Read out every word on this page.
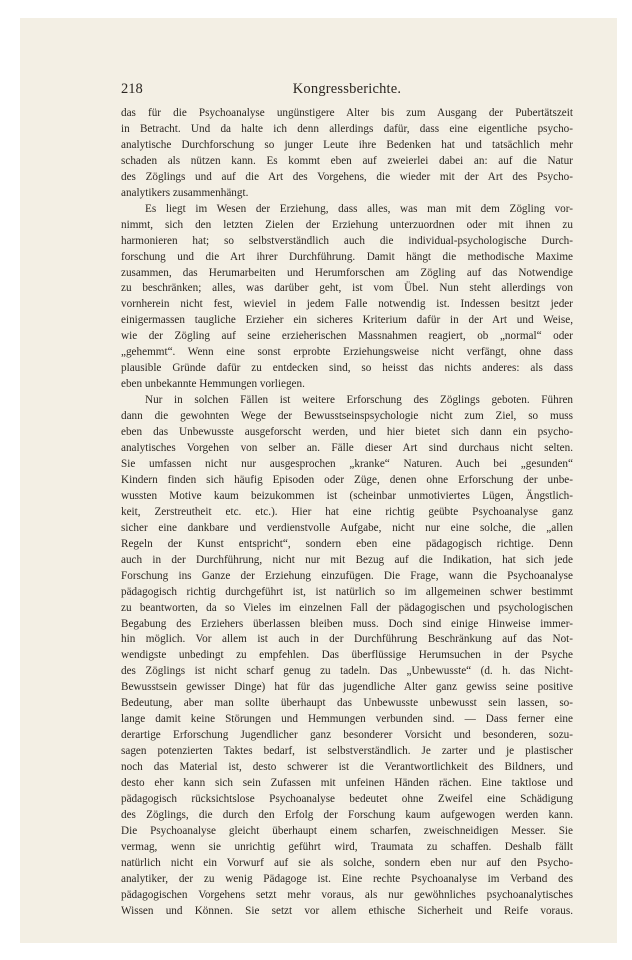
218	Kongressberichte.

das für die Psychoanalyse ungünstigere Alter bis zum Ausgang der Pubertätszeit

in Betracht. Und da halte ich denn allerdings dafür, dass eine eigentliche psycho-

analytische Durchforschung so junger Leute ihre Bedenken hat und tatsächlich mehr

schaden als nützen kann. Es kommt eben auf zweierlei dabei an: auf die Natur

des Zöglings und auf die Art des Vorgehens, die wieder mit der Art des Psycho-

analytikers zusammenhängt.

Es liegt im Wesen der Erziehung, dass alles, was man mit dem Zögling vor-

nimmt, sich den letzten Zielen der Erziehung unterzuordnen oder mit ihnen zu

harmonieren hat; so selbstverständlich auch die individual-psychologische Durch-

forschung und die Art ihrer Durchführung. Damit hängt die methodische Maxime

zusammen, das Herumarbeiten und Herumforschen am Zögling auf das Notwendige

zu beschränken; alles, was darüber geht, ist vom Übel. Nun steht allerdings von

vornherein nicht fest, wieviel in jedem Falle notwendig ist. Indessen besitzt jeder

einigermassen taugliche Erzieher ein sicheres Kriterium dafür in der Art und Weise,

wie der Zögling auf seine erzieherischen Massnahmen reagiert, ob „normal“ oder

„gehemmt“. Wenn eine sonst erprobte Erziehungsweise nicht verfängt, ohne dass

plausible Gründe dafür zu entdecken sind, so heisst das nichts anderes: als dass

eben unbekannte Hemmungen vorliegen.

Nur in solchen Fällen ist weitere Erforschung des Zöglings geboten. Führen

dann die gewohnten Wege der Bewusstseinspsychologie nicht zum Ziel, so muss

eben das Unbewusste ausgeforscht werden, und hier bietet sich dann ein psycho-

analytisches Vorgehen von selber an. Fälle dieser Art sind durchaus nicht selten.

Sie umfassen nicht nur ausgesprochen „kranke“ Naturen. Auch bei „gesunden“

Kindern finden sich häufig Episoden oder Züge, denen ohne Erforschung der unbe-

wussten Motive kaum beizukommen ist (scheinbar unmotiviertes Lügen, Ängstlich-

keit, Zerstreutheit etc. etc.). Hier hat eine richtig geübte Psychoanalyse ganz

sicher eine dankbare und verdienstvolle Aufgabe, nicht nur eine solche, die „allen

Regeln der Kunst entspricht“, sondern eben eine pädagogisch richtige. Denn

auch in der Durchführung, nicht nur mit Bezug auf die Indikation, hat sich jede

Forschung ins Ganze der Erziehung einzufügen. Die Frage, wann die Psychoanalyse

pädagogisch richtig durchgeführt ist, ist natürlich so im allgemeinen schwer bestimmt

zu beantworten, da so Vieles im einzelnen Fall der pädagogischen und psychologischen

Begabung des Erziehers überlassen bleiben muss. Doch sind einige Hinweise immer-

hin möglich. Vor allem ist auch in der Durchführung Beschränkung auf das Not-

wendigste unbedingt zu empfehlen. Das überflüssige Herumsuchen in der Psyche

des Zöglings ist nicht scharf genug zu tadeln. Das „Unbewusste“ (d. h. das Nicht-

Bewusstsein gewisser Dinge) hat für das jugendliche Alter ganz gewiss seine positive

Bedeutung, aber man sollte überhaupt das Unbewusste unbewusst sein lassen, so-

lange damit keine Störungen und Hemmungen verbunden sind. — Dass ferner eine

derartige Erforschung Jugendlicher ganz besonderer Vorsicht und besonderen, sozu-

sagen potenzierten Taktes bedarf, ist selbstverständlich. Je zarter und je plastischer

noch das Material ist, desto schwerer ist die Verantwortlichkeit des Bildners, und

desto eher kann sich sein Zufassen mit unfeinen Händen rächen. Eine taktlose und

pädagogisch rücksichtslose Psychoanalyse bedeutet ohne Zweifel eine Schädigung

des Zöglings, die durch den Erfolg der Forschung kaum aufgewogen werden kann.

Die Psychoanalyse gleicht überhaupt einem scharfen, zweischneidigen Messer. Sie

vermag, wenn sie unrichtig geführt wird, Traumata zu schaffen. Deshalb fällt

natürlich nicht ein Vorwurf auf sie als solche, sondern eben nur auf den Psycho-

analytiker, der zu wenig Pädagoge ist. Eine rechte Psychoanalyse im Verband des

pädagogischen Vorgehens setzt mehr voraus, als nur gewöhnliches psychoanalytisches

Wissen und Können. Sie setzt vor allem ethische Sicherheit und Reife voraus.
